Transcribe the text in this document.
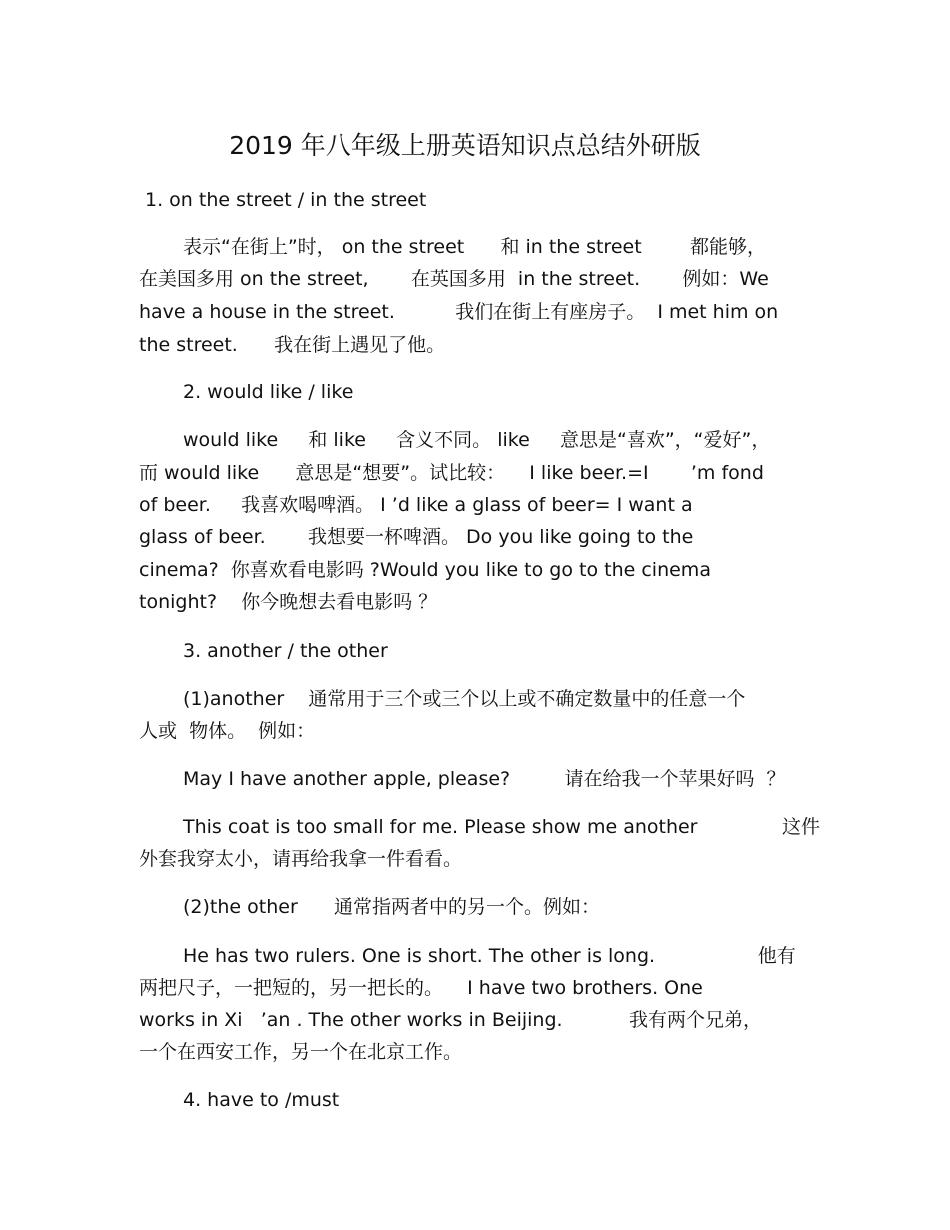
2019 年八年级上册英语知识点总结外研版

1. on the street / in the street

表示“在街上”时， on the street      和 in the street        都能够，

在美国多用 on the street,       在英国多用  in the street.       例如：We

have a house in the street.          我们在街上有座房子。  I met him on

the street.      我在街上遇见了他。

2. would like / like

would like     和 like     含义不同。 like     意思是“喜欢”，“爱好”，

而 would like      意思是“想要”。试比较：    I like beer.=I       ’m fond

of beer.     我喜欢喝啤酒。 I ’d like a glass of beer= I want a

glass of beer.       我想要一杯啤酒。 Do you like going to the

cinema?  你喜欢看电影吗 ?Would you like to go to the cinema

tonight?    你今晚想去看电影吗 ？

3. another / the other

(1)another    通常用于三个或三个以上或不确定数量中的任意一个

人或  物体。  例如：

May I have another apple, please?         请在给我一个苹果好吗  ？

This coat is too small for me. Please show me another              这件

外套我穿太小，请再给我拿一件看看。

(2)the other      通常指两者中的另一个。例如：

He has two rulers. One is short. The other is long.                 他有

两把尺子，一把短的，另一把长的。    I have two brothers. One

works in Xi   ’an . The other works in Beijing.           我有两个兄弟，

一个在西安工作，另一个在北京工作。

4. have to /must
